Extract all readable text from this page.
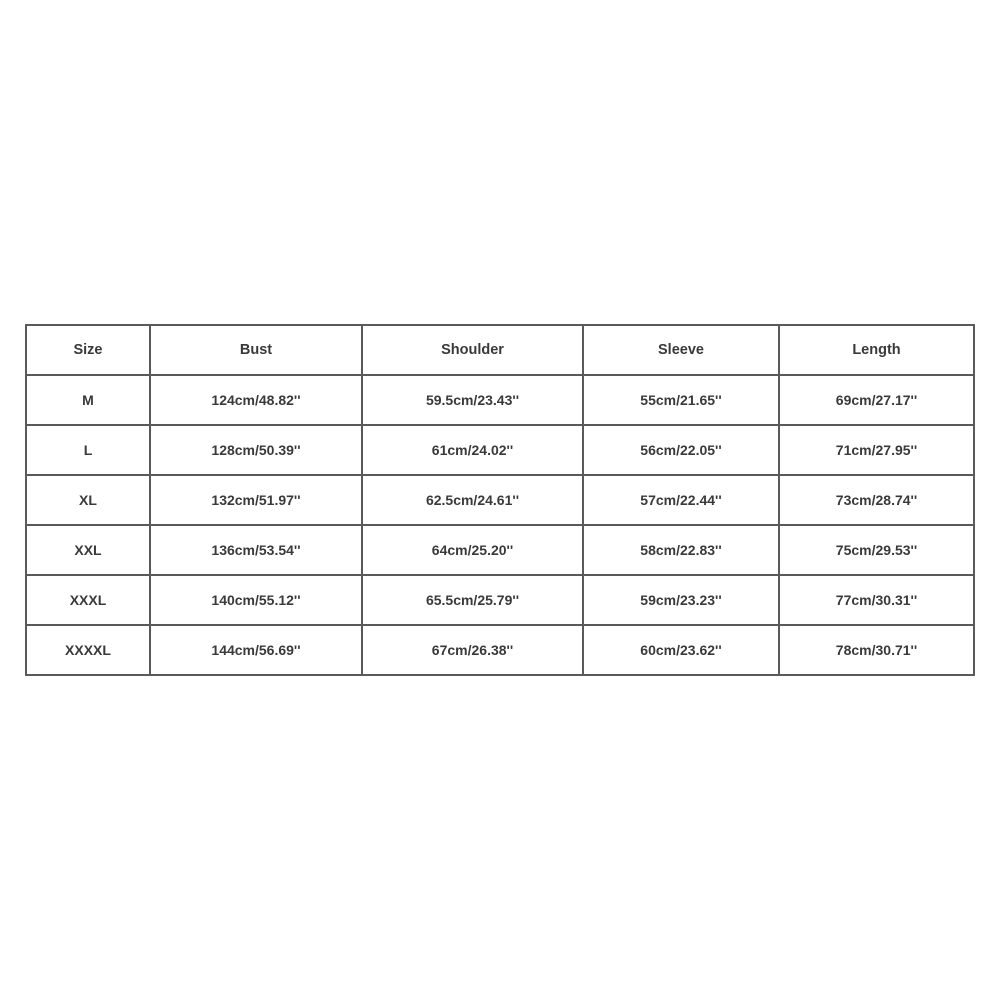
Size	Bust	Shoulder	Sleeve	Length
M	124cm/48.82''	59.5cm/23.43''	55cm/21.65''	69cm/27.17''
L	128cm/50.39''	61cm/24.02''	56cm/22.05''	71cm/27.95''
XL	132cm/51.97''	62.5cm/24.61''	57cm/22.44''	73cm/28.74''
XXL	136cm/53.54''	64cm/25.20''	58cm/22.83''	75cm/29.53''
XXXL	140cm/55.12''	65.5cm/25.79''	59cm/23.23''	77cm/30.31''
XXXXL	144cm/56.69''	67cm/26.38''	60cm/23.62''	78cm/30.71''
